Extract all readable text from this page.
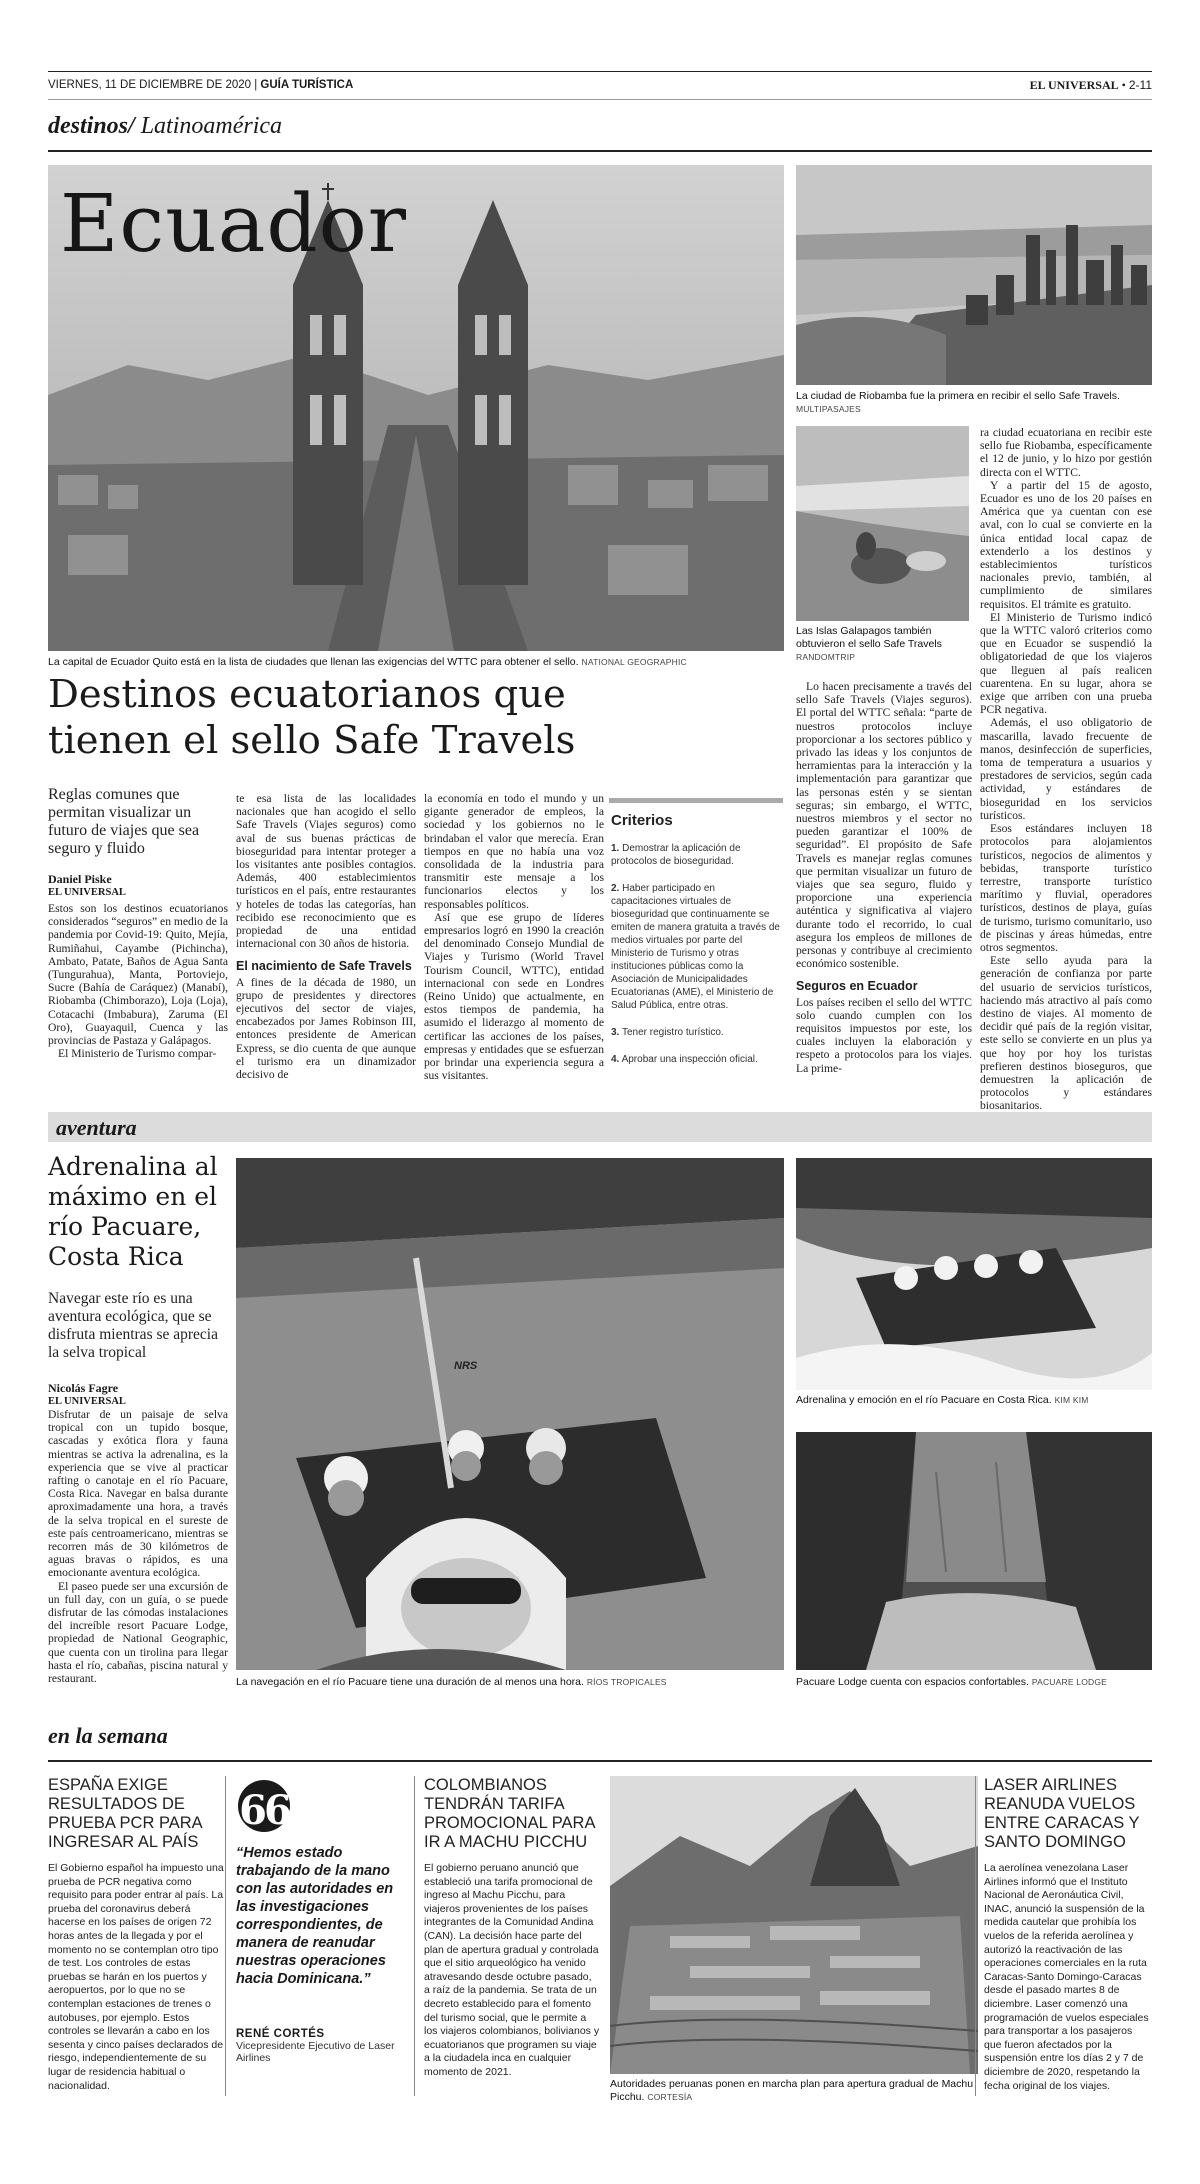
VIERNES, 11 DE DICIEMBRE DE 2020 | GUÍA TURÍSTICA	EL UNIVERSAL • 2-11
destinos/ Latinoamérica
Ecuador
La capital de Ecuador Quito está en la lista de ciudades que llenan las exigencias del WTTC para obtener el sello. NATIONAL GEOGRAPHIC
Destinos ecuatorianos que
tienen el sello Safe Travels
Reglas comunes que permitan visualizar un futuro de viajes que sea seguro y fluido
Daniel Piske
EL UNIVERSAL

Estos son los destinos ecuatorianos considerados “seguros” en medio de la pandemia por Covid-19: Quito, Mejía, Rumiñahui, Cayambe (Pichincha), Ambato, Patate, Baños de Agua Santa (Tungurahua), Manta, Portoviejo, Sucre (Bahía de Caráquez) (Manabí), Riobamba (Chimborazo), Loja (Loja), Cotacachi (Imbabura), Zaruma (El Oro), Guayaquil, Cuenca y las provincias de Pastaza y Galápagos.

El Ministerio de Turismo compar-

te esa lista de las localidades nacionales que han acogido el sello Safe Travels (Viajes seguros) como aval de sus buenas prácticas de bioseguridad para intentar proteger a los visitantes ante posibles contagios. Además, 400 establecimientos turísticos en el país, entre restaurantes y hoteles de todas las categorías, han recibido ese reconocimiento que es propiedad de una entidad internacional con 30 años de historia.

El nacimiento de Safe Travels

A fines de la década de 1980, un grupo de presidentes y directores ejecutivos del sector de viajes, encabezados por James Robinson III, entonces presidente de American Express, se dio cuenta de que aunque el turismo era un dinamizador decisivo de

la economía en todo el mundo y un gigante generador de empleos, la sociedad y los gobiernos no le brindaban el valor que merecía. Eran tiempos en que no había una voz consolidada de la industria para transmitir este mensaje a los funcionarios electos y los responsables políticos.

Así que ese grupo de líderes empresarios logró en 1990 la creación del denominado Consejo Mundial de Viajes y Turismo (World Travel Tourism Council, WTTC), entidad internacional con sede en Londres (Reino Unido) que actualmente, en estos tiempos de pandemia, ha asumido el liderazgo al momento de certificar las acciones de los países, empresas y entidades que se esfuerzan por brindar una experiencia segura a sus visitantes.

Criterios
1. Demostrar la aplicación de protocolos de bioseguridad.
2. Haber participado en capacitaciones virtuales de bioseguridad que continuamente se emiten de manera gratuita a través de medios virtuales por parte del Ministerio de Turismo y otras instituciones públicas como la Asociación de Municipalidades Ecuatorianas (AME), el Ministerio de Salud Pública, entre otras.
3. Tener registro turístico.
4. Aprobar una inspección oficial.
La ciudad de Riobamba fue la primera en recibir el sello Safe Travels. MULTIPASAJES
Las Islas Galapagos también obtuvieron el sello Safe Travels
RANDOMTRIP

Lo hacen precisamente a través del sello Safe Travels (Viajes seguros). El portal del WTTC señala: “parte de nuestros protocolos incluye proporcionar a los sectores público y privado las ideas y los conjuntos de herramientas para la interacción y la implementación para garantizar que las personas estén y se sientan seguras; sin embargo, el WTTC, nuestros miembros y el sector no pueden garantizar el 100% de seguridad”. El propósito de Safe Travels es manejar reglas comunes que permitan visualizar un futuro de viajes que sea seguro, fluido y proporcione una experiencia auténtica y significativa al viajero durante todo el recorrido, lo cual asegura los empleos de millones de personas y contribuye al crecimiento económico sostenible.

Seguros en Ecuador

Los países reciben el sello del WTTC solo cuando cumplen con los requisitos impuestos por este, los cuales incluyen la elaboración y respeto a protocolos para los viajes. La prime-

ra ciudad ecuatoriana en recibir este sello fue Riobamba, específicamente el 12 de junio, y lo hizo por gestión directa con el WTTC.

Y a partir del 15 de agosto, Ecuador es uno de los 20 países en América que ya cuentan con ese aval, con lo cual se convierte en la única entidad local capaz de extenderlo a los destinos y establecimientos turísticos nacionales previo, también, al cumplimiento de similares requisitos. El trámite es gratuito.

El Ministerio de Turismo indicó que la WTTC valoró criterios como que en Ecuador se suspendió la obligatoriedad de que los viajeros que lleguen al país realicen cuarentena. En su lugar, ahora se exige que arriben con una prueba PCR negativa.

Además, el uso obligatorio de mascarilla, lavado frecuente de manos, desinfección de superficies, toma de temperatura a usuarios y prestadores de servicios, según cada actividad, y estándares de bioseguridad en los servicios turísticos.

Esos estándares incluyen 18 protocolos para alojamientos turísticos, negocios de alimentos y bebidas, transporte turístico terrestre, transporte turístico marítimo y fluvial, operadores turísticos, destinos de playa, guías de turismo, turismo comunitario, uso de piscinas y áreas húmedas, entre otros segmentos.

Este sello ayuda para la generación de confianza por parte del usuario de servicios turísticos, haciendo más atractivo al país como destino de viajes. Al momento de decidir qué país de la región visitar, este sello se convierte en un plus ya que hoy por hoy los turistas prefieren destinos bioseguros, que demuestren la aplicación de protocolos y estándares biosanitarios.

aventura
Adrenalina al máximo en el río Pacuare, Costa Rica
Navegar este río es una aventura ecológica, que se disfruta mientras se aprecia la selva tropical
Nicolás Fagre
EL UNIVERSAL

Disfrutar de un paisaje de selva tropical con un tupido bosque, cascadas y exótica flora y fauna mientras se activa la adrenalina, es la experiencia que se vive al practicar rafting o canotaje en el río Pacuare, Costa Rica. Navegar en balsa durante aproximadamente una hora, a través de la selva tropical en el sureste de este país centroamericano, mientras se recorren más de 30 kilómetros de aguas bravas o rápidos, es una emocionante aventura ecológica.

El paseo puede ser una excursión de un full day, con un guía, o se puede disfrutar de las cómodas instalaciones del increíble resort Pacuare Lodge, propiedad de National Geographic, que cuenta con un tirolina para llegar hasta el río, cabañas, piscina natural y restaurant.

NRS
La navegación en el río Pacuare tiene una duración de al menos una hora. RÍOS TROPICALES
Adrenalina y emoción en el río Pacuare en Costa Rica. KIM KIM
Pacuare Lodge cuenta con espacios confortables. PACUARE LODGE
en la semana
ESPAÑA EXIGE RESULTADOS DE PRUEBA PCR PARA INGRESAR AL PAÍS
El Gobierno español ha impuesto una prueba de PCR negativa como requisito para poder entrar al país. La prueba del coronavirus deberá hacerse en los países de origen 72 horas antes de la llegada y por el momento no se contemplan otro tipo de test. Los controles de estas pruebas se harán en los puertos y aeropuertos, por lo que no se contemplan estaciones de trenes o autobuses, por ejemplo. Estos controles se llevarán a cabo en los sesenta y cinco países declarados de riesgo, independientemente de su lugar de residencia habitual o nacionalidad.
66
“Hemos estado trabajando de la mano con las autoridades en las investigaciones correspondientes, de manera de reanudar nuestras operaciones hacia Dominicana.”
RENÉ CORTÉS
Vicepresidente Ejecutivo de Laser Airlines
COLOMBIANOS TENDRÁN TARIFA PROMOCIONAL PARA IR A MACHU PICCHU
El gobierno peruano anunció que estableció una tarifa promocional de ingreso al Machu Picchu, para viajeros provenientes de los países integrantes de la Comunidad Andina (CAN). La decisión hace parte del plan de apertura gradual y controlada que el sitio arqueológico ha venido atravesando desde octubre pasado, a raíz de la pandemia. Se trata de un decreto establecido para el fomento del turismo social, que le permite a los viajeros colombianos, bolivianos y ecuatorianos que programen su viaje a la ciudadela inca en cualquier momento de 2021.
Autoridades peruanas ponen en marcha plan para apertura gradual de Machu Picchu. CORTESÍA
LASER AIRLINES REANUDA VUELOS ENTRE CARACAS Y SANTO DOMINGO
La aerolínea venezolana Laser Airlines informó que el Instituto Nacional de Aeronáutica Civil, INAC, anunció la suspensión de la medida cautelar que prohibía los vuelos de la referida aerolínea y autorizó la reactivación de las operaciones comerciales en la ruta Caracas-Santo Domingo-Caracas desde el pasado martes 8 de diciembre. Laser comenzó una programación de vuelos especiales para transportar a los pasajeros que fueron afectados por la suspensión entre los días 2 y 7 de diciembre de 2020, respetando la fecha original de los viajes.
